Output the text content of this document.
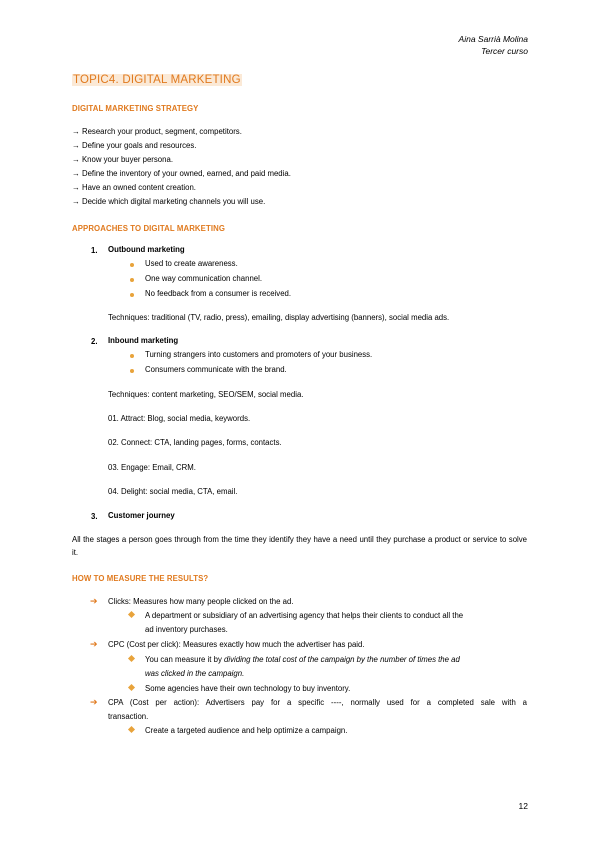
Aina Sarrià Molina
Tercer curso
TOPIC4. DIGITAL MARKETING
DIGITAL MARKETING STRATEGY
→ Research your product, segment, competitors.
→ Define your goals and resources.
→ Know your buyer persona.
→ Define the inventory of your owned, earned, and paid media.
→ Have an owned content creation.
→ Decide which digital marketing channels you will use.
APPROACHES TO DIGITAL MARKETING
1. Outbound marketing
Used to create awareness.
One way communication channel.
No feedback from a consumer is received.
Techniques: traditional (TV, radio, press), emailing, display advertising (banners), social media ads.
2. Inbound marketing
Turning strangers into customers and promoters of your business.
Consumers communicate with the brand.
Techniques: content marketing, SEO/SEM, social media.
01. Attract: Blog, social media, keywords.
02. Connect: CTA, landing pages, forms, contacts.
03. Engage: Email, CRM.
04. Delight: social media, CTA, email.
3. Customer journey
All the stages a person goes through from the time they identify they have a need until they purchase a product or service to solve it.
HOW TO MEASURE THE RESULTS?
➔ Clicks: Measures how many people clicked on the ad.
A department or subsidiary of an advertising agency that helps their clients to conduct all the
ad inventory purchases.
➔ CPC (Cost per click): Measures exactly how much the advertiser has paid.
You can measure it by dividing the total cost of the campaign by the number of times the ad
was clicked in the campaign.
Some agencies have their own technology to buy inventory.
➔ CPA (Cost per action): Advertisers pay for a specific ----, normally used for a completed sale with a
transaction.
Create a targeted audience and help optimize a campaign.
12
